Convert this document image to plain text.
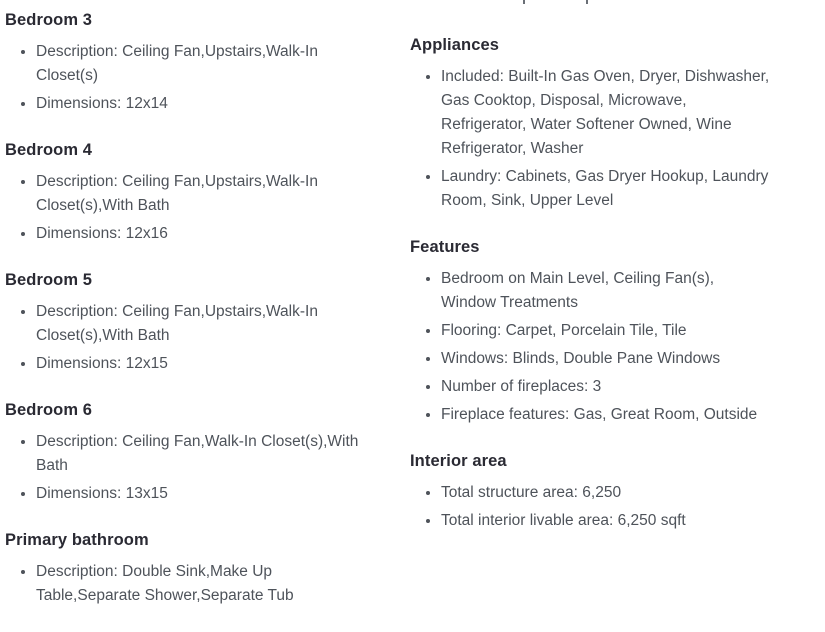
Bedroom 3
Description: Ceiling Fan,Upstairs,Walk-In Closet(s)
Dimensions: 12x14
Bedroom 4
Description: Ceiling Fan,Upstairs,Walk-In Closet(s),With Bath
Dimensions: 12x16
Bedroom 5
Description: Ceiling Fan,Upstairs,Walk-In Closet(s),With Bath
Dimensions: 12x15
Bedroom 6
Description: Ceiling Fan,Walk-In Closet(s),With Bath
Dimensions: 13x15
Primary bathroom
Description: Double Sink,Make Up Table,Separate Shower,Separate Tub
Appliances
Included: Built-In Gas Oven, Dryer, Dishwasher, Gas Cooktop, Disposal, Microwave, Refrigerator, Water Softener Owned, Wine Refrigerator, Washer
Laundry: Cabinets, Gas Dryer Hookup, Laundry Room, Sink, Upper Level
Features
Bedroom on Main Level, Ceiling Fan(s), Window Treatments
Flooring: Carpet, Porcelain Tile, Tile
Windows: Blinds, Double Pane Windows
Number of fireplaces: 3
Fireplace features: Gas, Great Room, Outside
Interior area
Total structure area: 6,250
Total interior livable area: 6,250 sqft
